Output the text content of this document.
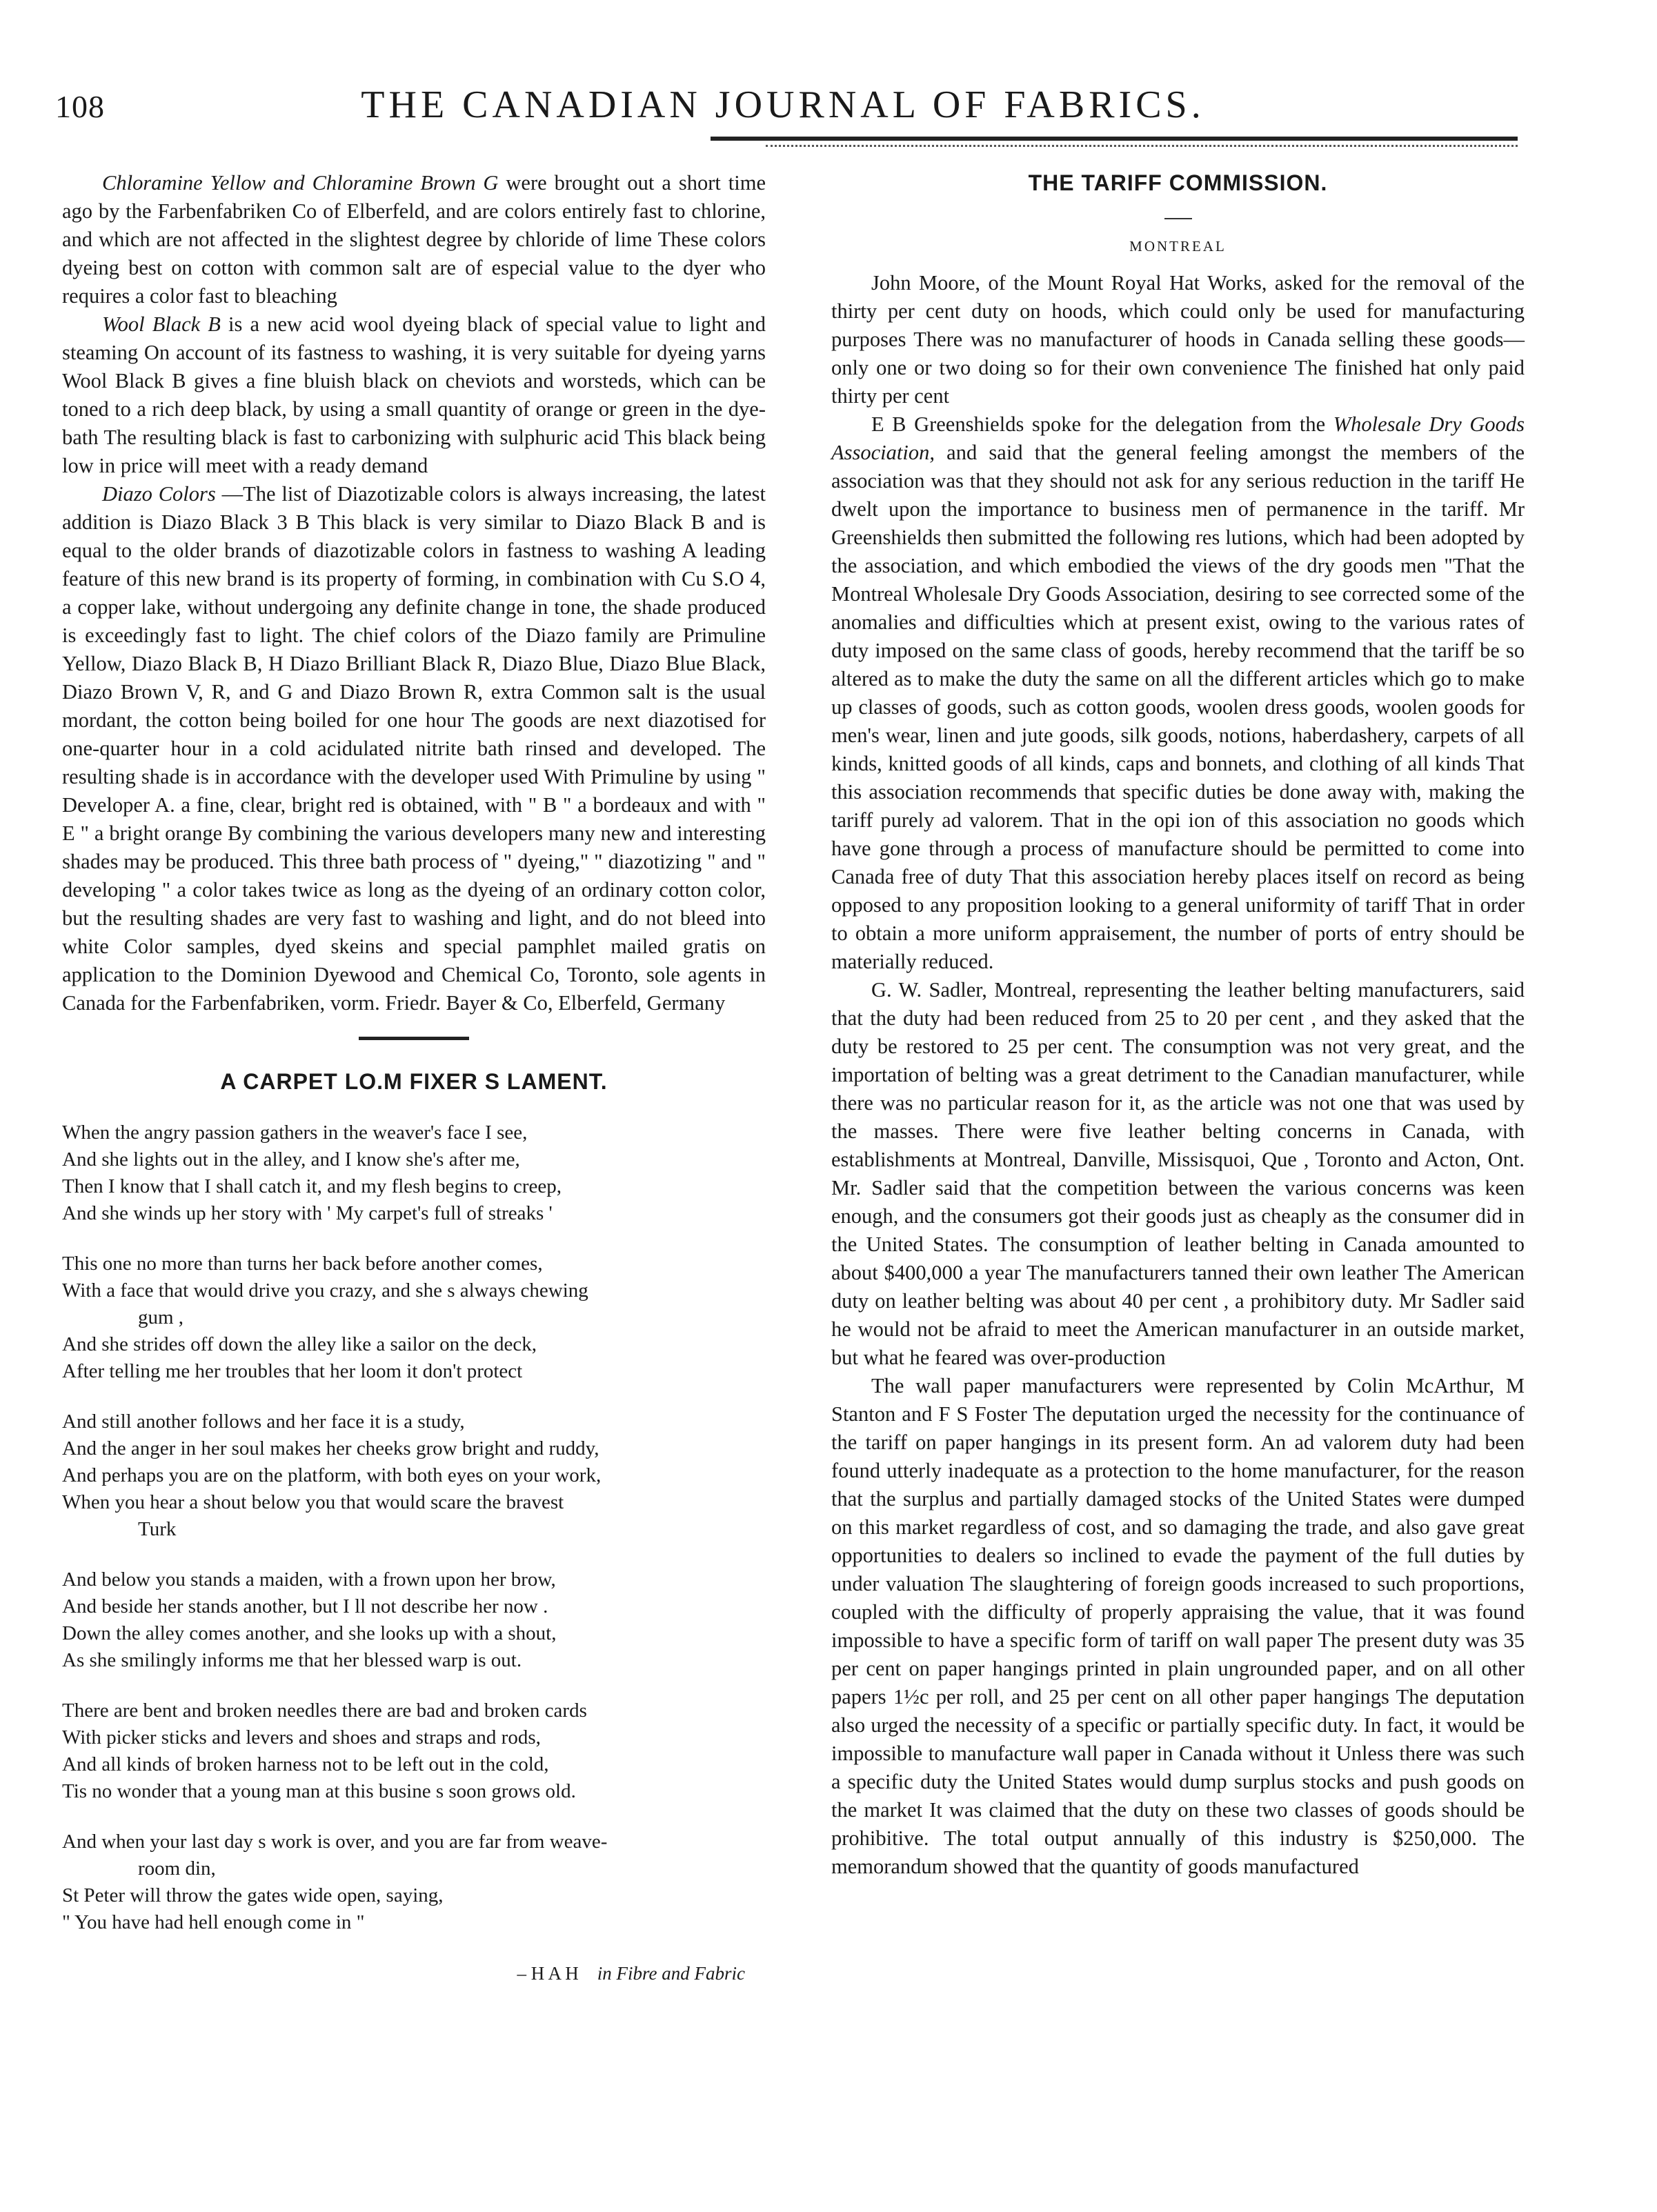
108	THE CANADIAN JOURNAL OF FABRICS.

Chloramine Yellow and Chloramine Brown G were brought out a short time ago by the Farbenfabriken Co of Elberfeld, and are colors entirely fast to chlorine, and which are not affected in the slightest degree by chloride of lime These colors dyeing best on cotton with common salt are of especial value to the dyer who requires a color fast to bleaching

Wool Black B is a new acid wool dyeing black of special value to light and steaming On account of its fastness to washing, it is very suitable for dyeing yarns Wool Black B gives a fine bluish black on cheviots and worsteds, which can be toned to a rich deep black, by using a small quantity of orange or green in the dye-bath The resulting black is fast to carbonizing with sulphuric acid This black being low in price will meet with a ready demand

Diazo Colors —The list of Diazotizable colors is always increasing, the latest addition is Diazo Black 3 B This black is very similar to Diazo Black B and is equal to the older brands of diazotizable colors in fastness to washing A leading feature of this new brand is its property of forming, in combination with Cu S.O 4, a copper lake, without undergoing any definite change in tone, the shade produced is exceedingly fast to light. The chief colors of the Diazo family are Primuline Yellow, Diazo Black B, H Diazo Brilliant Black R, Diazo Blue, Diazo Blue Black, Diazo Brown V, R, and G and Diazo Brown R, extra Common salt is the usual mordant, the cotton being boiled for one hour The goods are next diazotised for one-quarter hour in a cold acidulated nitrite bath rinsed and developed. The resulting shade is in accordance with the developer used With Primuline by using " Developer A. a fine, clear, bright red is obtained, with " B " a bordeaux and with " E " a bright orange By combining the various developers many new and interesting shades may be produced. This three bath process of " dyeing," " diazotizing " and " developing " a color takes twice as long as the dyeing of an ordinary cotton color, but the resulting shades are very fast to washing and light, and do not bleed into white Color samples, dyed skeins and special pamphlet mailed gratis on application to the Dominion Dyewood and Chemical Co, Toronto, sole agents in Canada for the Farbenfabriken, vorm. Friedr. Bayer & Co, Elberfeld, Germany

A CARPET LO.M FIXER S LAMENT.
When the angry passion gathers in the weaver's face I see,
And she lights out in the alley, and I know she's after me,
Then I know that I shall catch it, and my flesh begins to creep,
And she winds up her story with ' My carpet's full of streaks '
This one no more than turns her back before another comes,
With a face that would drive you crazy, and she s always chewing
gum ,
And she strides off down the alley like a sailor on the deck,
After telling me her troubles that her loom it don't protect
And still another follows and her face it is a study,
And the anger in her soul makes her cheeks grow bright and ruddy,
And perhaps you are on the platform, with both eyes on your work,
When you hear a shout below you that would scare the bravest
Turk
And below you stands a maiden, with a frown upon her brow,
And beside her stands another, but I ll not describe her now .
Down the alley comes another, and she looks up with a shout,
As she smilingly informs me that her blessed warp is out.
There are bent and broken needles there are bad and broken cards
With picker sticks and levers and shoes and straps and rods,
And all kinds of broken harness not to be left out in the cold,
Tis no wonder that a young man at this busine s soon grows old.
And when your last day s work is over, and you are far from weave-
room din,
St Peter will throw the gates wide open, saying,
" You have had hell enough come in "
– H A H in Fibre and Fabric
THE TARIFF COMMISSION.
MONTREAL

John Moore, of the Mount Royal Hat Works, asked for the removal of the thirty per cent duty on hoods, which could only be used for manufacturing purposes There was no manufacturer of hoods in Canada selling these goods—only one or two doing so for their own convenience The finished hat only paid thirty per cent

E B Greenshields spoke for the delegation from the Wholesale Dry Goods Association, and said that the general feeling amongst the members of the association was that they should not ask for any serious reduction in the tariff He dwelt upon the importance to business men of permanence in the tariff. Mr Greenshields then submitted the following res lutions, which had been adopted by the association, and which embodied the views of the dry goods men "That the Montreal Wholesale Dry Goods Association, desiring to see corrected some of the anomalies and difficulties which at present exist, owing to the various rates of duty imposed on the same class of goods, hereby recommend that the tariff be so altered as to make the duty the same on all the different articles which go to make up classes of goods, such as cotton goods, woolen dress goods, woolen goods for men's wear, linen and jute goods, silk goods, notions, haberdashery, carpets of all kinds, knitted goods of all kinds, caps and bonnets, and clothing of all kinds That this association recommends that specific duties be done away with, making the tariff purely ad valorem. That in the opi ion of this association no goods which have gone through a process of manufacture should be permitted to come into Canada free of duty That this association hereby places itself on record as being opposed to any proposition looking to a general uniformity of tariff That in order to obtain a more uniform appraisement, the number of ports of entry should be materially reduced.

G. W. Sadler, Montreal, representing the leather belting manufacturers, said that the duty had been reduced from 25 to 20 per cent , and they asked that the duty be restored to 25 per cent. The consumption was not very great, and the importation of belting was a great detriment to the Canadian manufacturer, while there was no particular reason for it, as the article was not one that was used by the masses. There were five leather belting concerns in Canada, with establishments at Montreal, Danville, Missisquoi, Que , Toronto and Acton, Ont. Mr. Sadler said that the competition between the various concerns was keen enough, and the consumers got their goods just as cheaply as the consumer did in the United States. The consumption of leather belting in Canada amounted to about $400,000 a year The manufacturers tanned their own leather The American duty on leather belting was about 40 per cent , a prohibitory duty. Mr Sadler said he would not be afraid to meet the American manufacturer in an outside market, but what he feared was over-production

The wall paper manufacturers were represented by Colin McArthur, M Stanton and F S Foster The deputation urged the necessity for the continuance of the tariff on paper hangings in its present form. An ad valorem duty had been found utterly inadequate as a protection to the home manufacturer, for the reason that the surplus and partially damaged stocks of the United States were dumped on this market regardless of cost, and so damaging the trade, and also gave great opportunities to dealers so inclined to evade the payment of the full duties by under valuation The slaughtering of foreign goods increased to such proportions, coupled with the difficulty of properly appraising the value, that it was found impossible to have a specific form of tariff on wall paper The present duty was 35 per cent on paper hangings printed in plain ungrounded paper, and on all other papers 1½c per roll, and 25 per cent on all other paper hangings The deputation also urged the necessity of a specific or partially specific duty. In fact, it would be impossible to manufacture wall paper in Canada without it Unless there was such a specific duty the United States would dump surplus stocks and push goods on the market It was claimed that the duty on these two classes of goods should be prohibitive. The total output annually of this industry is $250,000. The memorandum showed that the quantity of goods manufactured
